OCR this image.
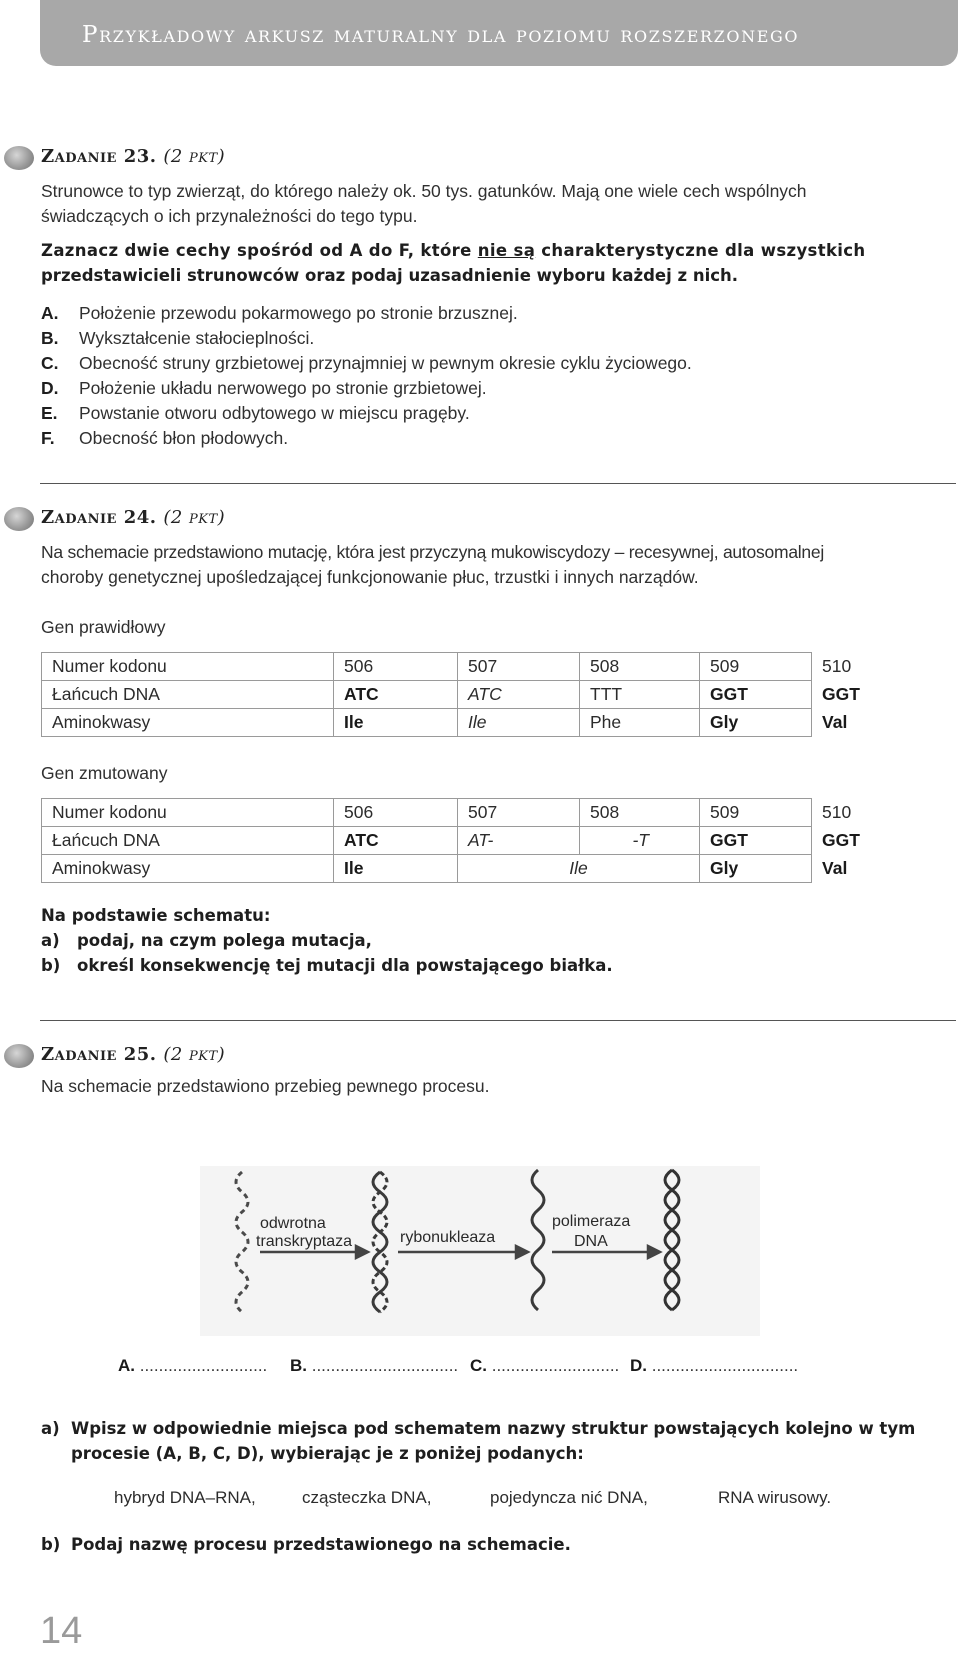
Przykładowy arkusz maturalny dla poziomu rozszerzonego
Zadanie 23. (2 pkt)
Strunowce to typ zwierząt, do którego należy ok. 50 tys. gatunków. Mają one wiele cech wspólnych
świadczących o ich przynależności do tego typu.
Zaznacz dwie cechy spośród od A do F, które nie są charakterystyczne dla wszystkich
przedstawicieli strunowców oraz podaj uzasadnienie wyboru każdej z nich.
A. Położenie przewodu pokarmowego po stronie brzusznej.
B. Wykształcenie stałocieplności.
C. Obecność struny grzbietowej przynajmniej w pewnym okresie cyklu życiowego.
D. Położenie układu nerwowego po stronie grzbietowej.
E. Powstanie otworu odbytowego w miejscu pragęby.
F. Obecność błon płodowych.
Zadanie 24. (2 pkt)
Na schemacie przedstawiono mutację, która jest przyczyną mukowiscydozy – recesywnej, autosomalnej
choroby genetycznej upośledzającej funkcjonowanie płuc, trzustki i innych narządów.
Gen prawidłowy
Numer kodonu	506	507	508	509	510
Łańcuch DNA	ATC	ATC	TTT	GGT	GGT
Aminokwasy	Ile	Ile	Phe	Gly	Val
Gen zmutowany
Numer kodonu	506	507	508	509	510
Łańcuch DNA	ATC	AT-	-T	GGT	GGT
Aminokwasy	Ile	Ile		Gly	Val
Na podstawie schematu:
a) podaj, na czym polega mutacja,
b) określ konsekwencję tej mutacji dla powstającego białka.
Zadanie 25. (2 pkt)
Na schemacie przedstawiono przebieg pewnego procesu.
odwrotna
transkryptaza	rybonukleaza
polimeraza
DNA
A. ........................... B. ............................... C. ........................... D. ...............................
a) Wpisz w odpowiednie miejsca pod schematem nazwy struktur powstających kolejno w tym
procesie (A, B, C, D), wybierając je z poniżej podanych:
hybryd DNA–RNA,	cząsteczka DNA,	pojedyncza nić DNA,	RNA wirusowy.
b) Podaj nazwę procesu przedstawionego na schemacie.
14
